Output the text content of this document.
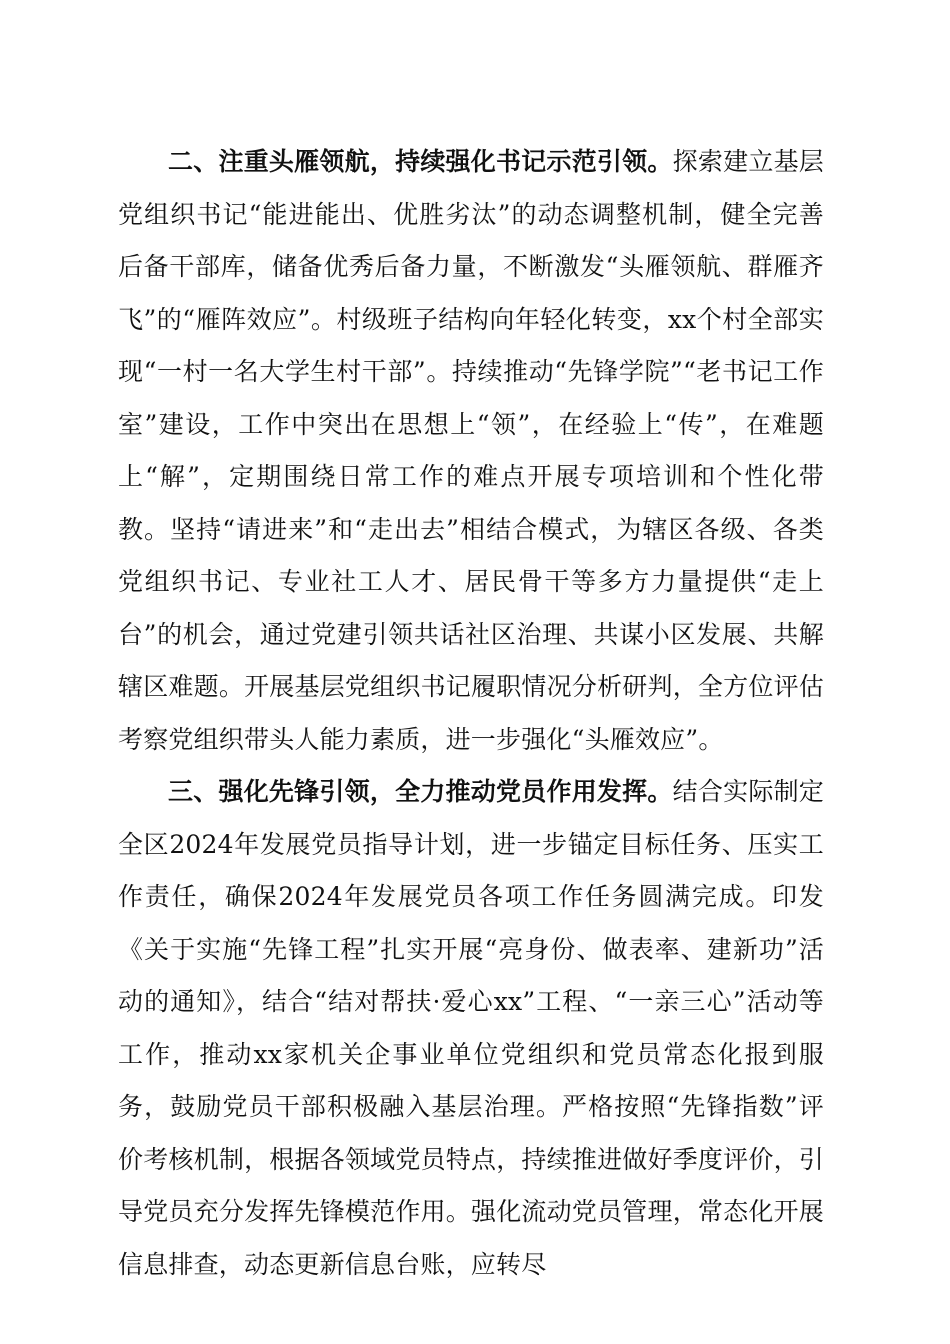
二、注重头雁领航，持续强化书记示范引领。探索建立基层党组织书记“能进能出、优胜劣汰”的动态调整机制，健全完善后备干部库，储备优秀后备力量，不断激发“头雁领航、群雁齐飞”的“雁阵效应”。村级班子结构向年轻化转变，xx个村全部实现“一村一名大学生村干部”。持续推动“先锋学院”“老书记工作室”建设，工作中突出在思想上“领”，在经验上“传”，在难题上“解”，定期围绕日常工作的难点开展专项培训和个性化带教。坚持“请进来”和“走出去”相结合模式，为辖区各级、各类党组织书记、专业社工人才、居民骨干等多方力量提供“走上台”的机会，通过党建引领共话社区治理、共谋小区发展、共解辖区难题。开展基层党组织书记履职情况分析研判，全方位评估考察党组织带头人能力素质，进一步强化“头雁效应”。

三、强化先锋引领，全力推动党员作用发挥。结合实际制定全区2024年发展党员指导计划，进一步锚定目标任务、压实工作责任，确保2024年发展党员各项工作任务圆满完成。印发《关于实施“先锋工程”扎实开展“亮身份、做表率、建新功”活动的通知》，结合“结对帮扶·爱心xx”工程、“一亲三心”活动等工作，推动xx家机关企事业单位党组织和党员常态化报到服务，鼓励党员干部积极融入基层治理。严格按照“先锋指数”评价考核机制，根据各领域党员特点，持续推进做好季度评价，引导党员充分发挥先锋模范作用。强化流动党员管理，常态化开展信息排查，动态更新信息台账，应转尽
